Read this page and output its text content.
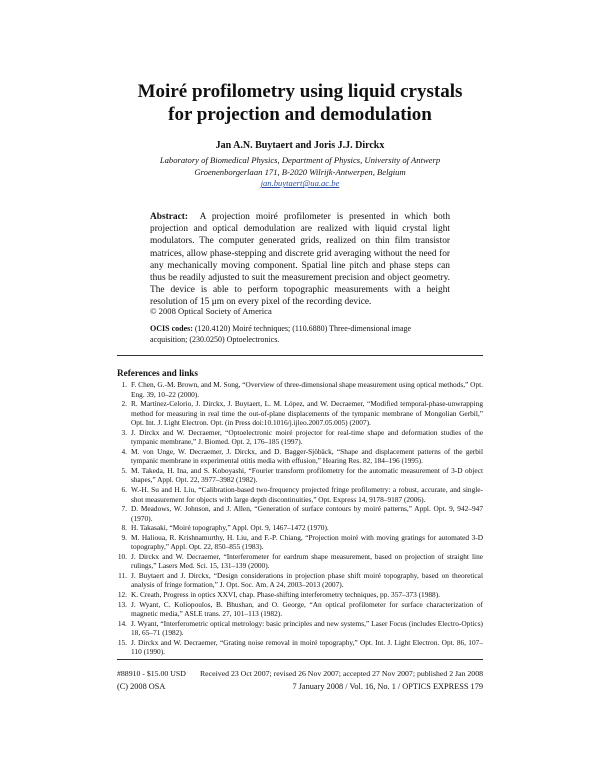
Moiré profilometry using liquid crystals
for projection and demodulation
Jan A.N. Buytaert and Joris J.J. Dirckx
Laboratory of Biomedical Physics, Department of Physics, University of Antwerp
Groenenborgerlaan 171, B-2020 Wilrijk-Antwerpen, Belgium
jan.buytaert@ua.ac.be
Abstract: A projection moiré profilometer is presented in which both projection and optical demodulation are realized with liquid crystal light modulators. The computer generated grids, realized on thin film transistor matrices, allow phase-stepping and discrete grid averaging without the need for any mechanically moving component. Spatial line pitch and phase steps can thus be readily adjusted to suit the measurement precision and object geometry. The device is able to perform topographic measurements with a height resolution of 15 μm on every pixel of the recording device.
© 2008 Optical Society of America
OCIS codes: (120.4120) Moiré techniques; (110.6880) Three-dimensional image acquisition; (230.0250) Optoelectronics.
References and links
1. F. Chen, G.-M. Brown, and M. Song, “Overview of three-dimensional shape measurement using optical methods,” Opt. Eng. 39, 10–22 (2000).
2. R. Martínez-Celorio, J. Dirckx, J. Buytaert, L. M. López, and W. Decraemer, “Modified temporal-phase-unwrapping method for measuring in real time the out-of-plane displacements of the tympanic membrane of Mongolian Gerbil,” Opt. Int. J. Light Electron. Opt. (in Press doi:10.1016/j.ijleo.2007.05.005) (2007).
3. J. Dirckx and W. Decraemer, “Optoelectronic moiré projector for real-time shape and deformation studies of the tympanic membrane,” J. Biomed. Opt. 2, 176–185 (1997).
4. M. von Unge, W. Decraemer, J. Dirckx, and D. Bagger-Sjöbäck, “Shape and displacement patterns of the gerbil tympanic membrane in experimental otitis media with effusion,” Hearing Res. 82, 184–196 (1995).
5. M. Takeda, H. Ina, and S. Koboyashi, “Fourier transform profilometry for the automatic measurement of 3-D object shapes,” Appl. Opt. 22, 3977–3982 (1982).
6. W.-H. Su and H. Liu, “Calibration-based two-frequency projected fringe profilometry: a robust, accurate, and single-shot measurement for objects with large depth discontinuities,” Opt. Express 14, 9178–9187 (2006).
7. D. Meadows, W. Johnson, and J. Allen, “Generation of surface contours by moiré patterns,” Appl. Opt. 9, 942–947 (1970).
8. H. Takasaki, “Moiré topography,” Appl. Opt. 9, 1467–1472 (1970).
9. M. Halioua, R. Krishnamurthy, H. Liu, and F.-P. Chiang, “Projection moiré with moving gratings for automated 3-D topography,” Appl. Opt. 22, 850–855 (1983).
10. J. Dirckx and W. Decraemer, “Interferometer for eardrum shape measurement, based on projection of straight line rulings,” Lasers Med. Sci. 15, 131–139 (2000).
11. J. Buytaert and J. Dirckx, “Design considerations in projection phase shift moiré topography, based on theoretical analysis of fringe formation,” J. Opt. Soc. Am. A 24, 2003–2013 (2007).
12. K. Creath, Progress in optics XXVI, chap. Phase-shifting interferometry techniques, pp. 357–373 (1988).
13. J. Wyant, C. Koliopoulos, B. Bhushan, and O. George, “An optical profilometer for surface characterization of magnetic media,” ASLE trans. 27, 101–113 (1982).
14. J. Wyant, “Interferometric optical metrology: basic principles and new systems,” Laser Focus (includes Electro-Optics) 18, 65–71 (1982).
15. J. Dirckx and W. Decraemer, “Grating noise removal in moiré topography,” Opt. Int. J. Light Electron. Opt. 86, 107–110 (1990).
#88910 - $15.00 USD Received 23 Oct 2007; revised 26 Nov 2007; accepted 27 Nov 2007; published 2 Jan 2008
(C) 2008 OSA	7 January 2008 / Vol. 16, No. 1 / OPTICS EXPRESS 179
